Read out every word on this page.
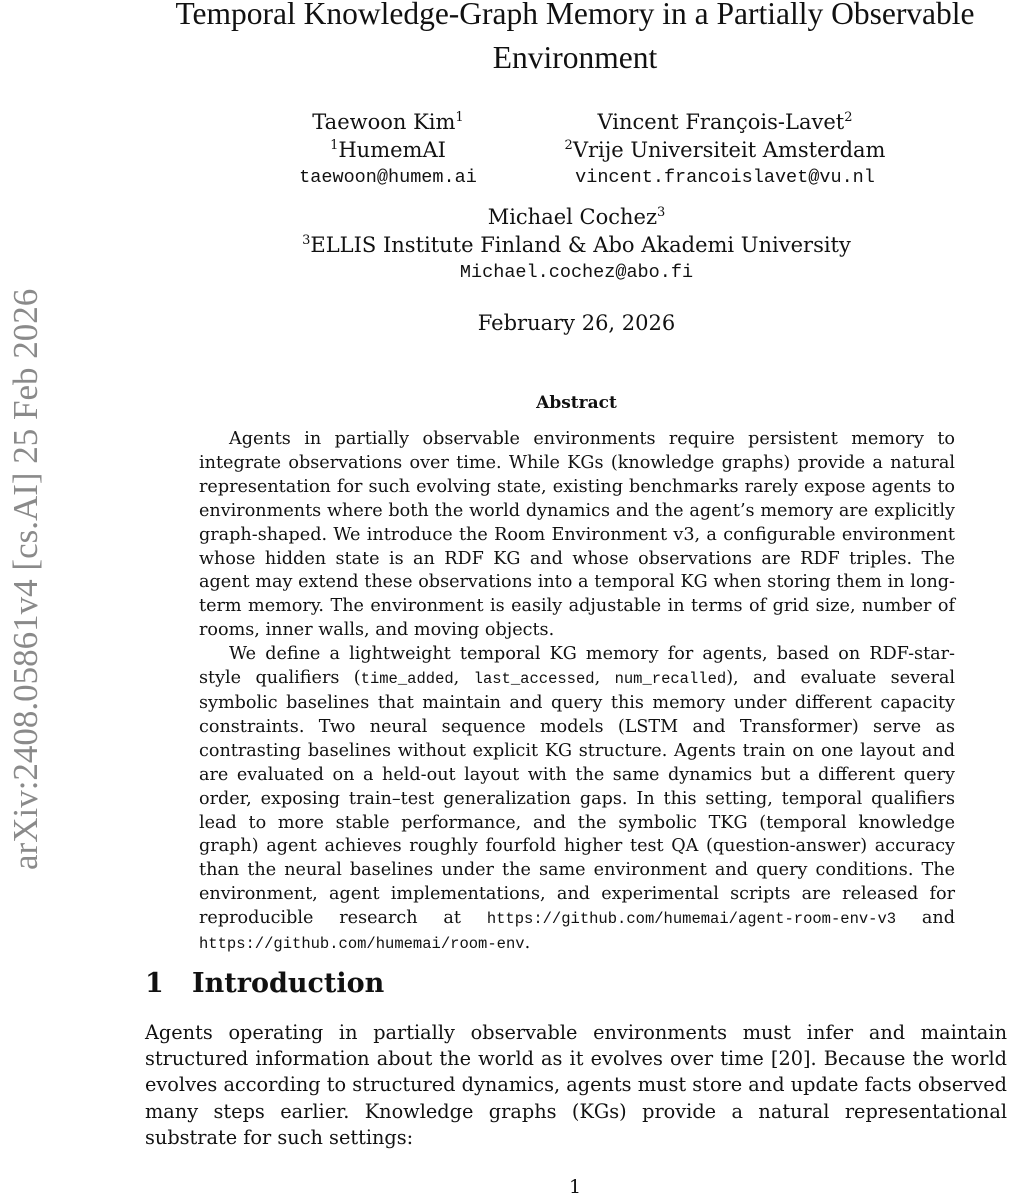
arXiv:2408.05861v4 [cs.AI] 25 Feb 2026
Temporal Knowledge-Graph Memory in a Partially Observable Environment
Taewoon Kim$^1$
$^1$HumemAI
taewoon@humem.ai
Vincent François-Lavet$^2$
$^2$Vrije Universiteit Amsterdam
vincent.francoislavet@vu.nl
Michael Cochez$^3$
$^3$ELLIS Institute Finland & Abo Akademi University
Michael.cochez@abo.fi
February 26, 2026
Abstract

Agents in partially observable environments require persistent memory to integrate observations over time. While KGs (knowledge graphs) provide a natural representation for such evolving state, existing benchmarks rarely expose agents to environments where both the world dynamics and the agent’s memory are explicitly graph-shaped. We introduce the Room Environment v3, a configurable environment whose hidden state is an RDF KG and whose observations are RDF triples. The agent may extend these observations into a temporal KG when storing them in long-term memory. The environment is easily adjustable in terms of grid size, number of rooms, inner walls, and moving objects.

We define a lightweight temporal KG memory for agents, based on RDF-star-style qualifiers (time_added, last_accessed, num_recalled), and evaluate several symbolic baselines that maintain and query this memory under different capacity constraints. Two neural sequence models (LSTM and Transformer) serve as contrasting baselines without explicit KG structure. Agents train on one layout and are evaluated on a held-out layout with the same dynamics but a different query order, exposing train–test generalization gaps. In this setting, temporal qualifiers lead to more stable performance, and the symbolic TKG (temporal knowledge graph) agent achieves roughly fourfold higher test QA (question-answer) accuracy than the neural baselines under the same environment and query conditions. The environment, agent implementations, and experimental scripts are released for reproducible research at https://github.com/humemai/agent-room-env-v3 and https://github.com/humemai/room-env.

1 Introduction

Agents operating in partially observable environments must infer and maintain structured information about the world as it evolves over time [20]. Because the world evolves according to structured dynamics, agents must store and update facts observed many steps earlier. Knowledge graphs (KGs) provide a natural representational substrate for such settings:

1
